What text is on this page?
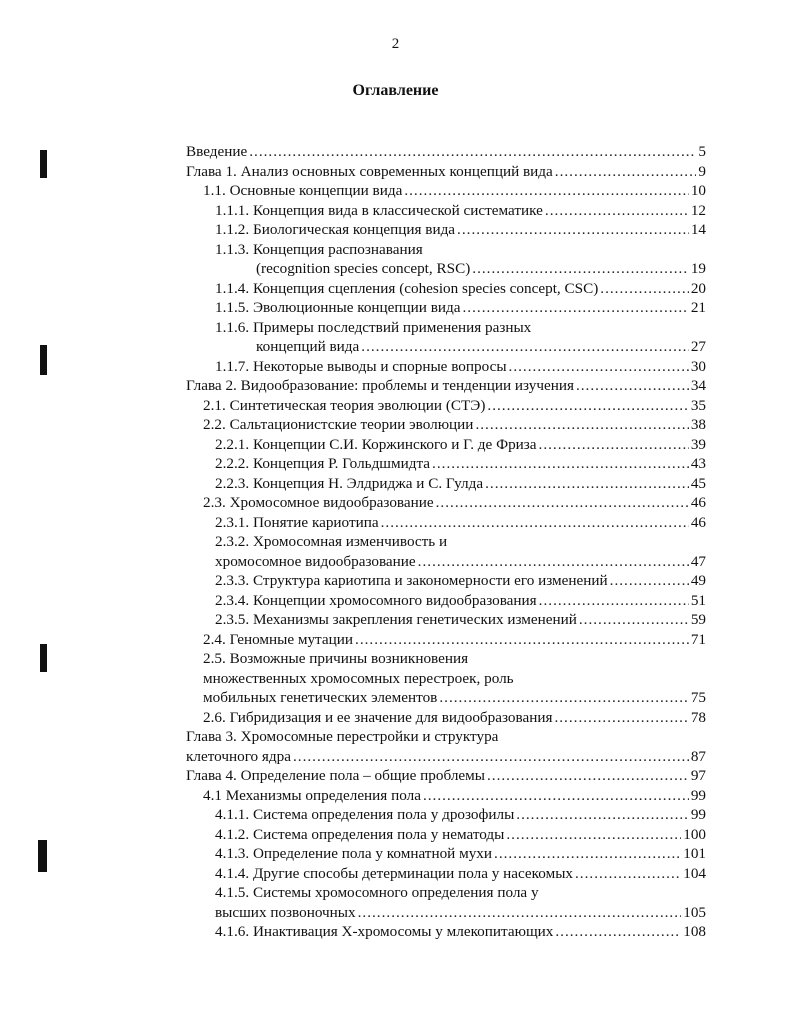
2
Оглавление
Введение .....	5
Глава 1. Анализ основных современных концепций вида .....	9
1.1. Основные концепции вида .....	10
1.1.1. Концепция вида в классической систематике .....	12
1.1.2. Биологическая концепция вида .....	14
1.1.3. Концепция распознавания
(recognition species concept, RSC) .....	19
1.1.4. Концепция сцепления (cohesion species concept, CSC) .....	20
1.1.5. Эволюционные концепции вида .....	21
1.1.6. Примеры последствий применения разных
концепций вида .....	27
1.1.7. Некоторые выводы и спорные вопросы .....	30
Глава 2. Видообразование: проблемы и тенденции изучения .....	34
2.1. Синтетическая теория эволюции (СТЭ) .....	35
2.2. Сальтационистские теории эволюции .....	38
2.2.1. Концепции С.И. Коржинского и Г. де Фриза .....	39
2.2.2. Концепция Р. Гольдшмидта .....	43
2.2.3. Концепция Н. Элдриджа и С. Гулда .....	45
2.3. Хромосомное видообразование .....	46
2.3.1. Понятие кариотипа .....	46
2.3.2. Хромосомная изменчивость и
хромосомное видообразование .....	47
2.3.3. Структура кариотипа и закономерности его изменений .....	49
2.3.4. Концепции хромосомного видообразования .....	51
2.3.5. Механизмы закрепления генетических изменений .....	59
2.4. Геномные мутации .....	71
2.5. Возможные причины возникновения
множественных хромосомных перестроек, роль
мобильных генетических элементов .....	75
2.6. Гибридизация и ее значение для видообразования .....	78
Глава 3. Хромосомные перестройки и структура
клеточного ядра .....	87
Глава 4. Определение пола – общие проблемы .....	97
4.1 Механизмы определения пола .....	99
4.1.1. Система определения пола у дрозофилы .....	99
4.1.2. Система определения пола у нематоды .....	100
4.1.3. Определение пола у комнатной мухи .....	101
4.1.4. Другие способы детерминации пола у насекомых .....	104
4.1.5. Системы хромосомного определения пола у
высших позвоночных .....	105
4.1.6. Инактивация Х-хромосомы у млекопитающих .....	108
